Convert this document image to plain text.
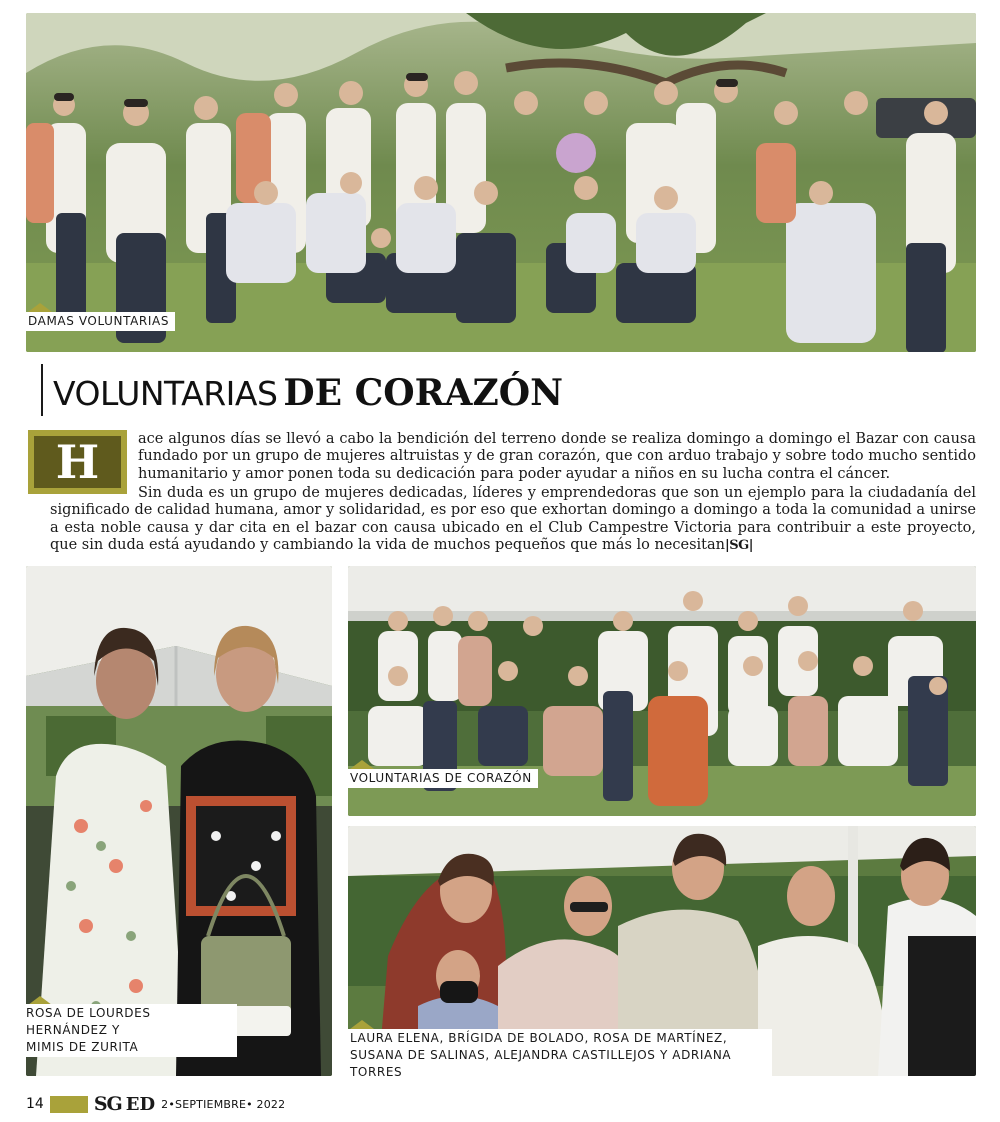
DAMAS VOLUNTARIAS
VOLUNTARIAS DE CORAZÓN
H	ace algunos días se llevó a cabo la bendición del terreno donde se realiza domingo a domingo el Bazar con causa fundado por un grupo de mujeres altruistas y de gran corazón, que con arduo trabajo y sobre todo mucho sentido humanitario y amor ponen toda su dedicación para poder ayudar a niños en su lucha contra el cáncer.
Sin duda es un grupo de mujeres dedicadas, líderes y emprendedoras que son un ejemplo para la ciudadanía del significado de calidad humana, amor y solidaridad, es por eso que exhortan domingo a domingo a toda la comunidad a unirse a esta noble causa y dar cita en el bazar con causa ubicado en el Club Campestre Victoria para contribuir a este proyecto, que sin duda está ayudando y cambiando la vida de muchos pequeños que más lo necesitan|SG|
ROSA DE LOURDES HERNÁNDEZ Y
MIMIS DE ZURITA
VOLUNTARIAS DE CORAZÓN
LAURA ELENA, BRÍGIDA DE BOLADO, ROSA DE MARTÍNEZ,
SUSANA DE SALINAS, ALEJANDRA CASTILLEJOS Y ADRIANA TORRES
14	SG ED 2•SEPTIEMBRE• 2022
